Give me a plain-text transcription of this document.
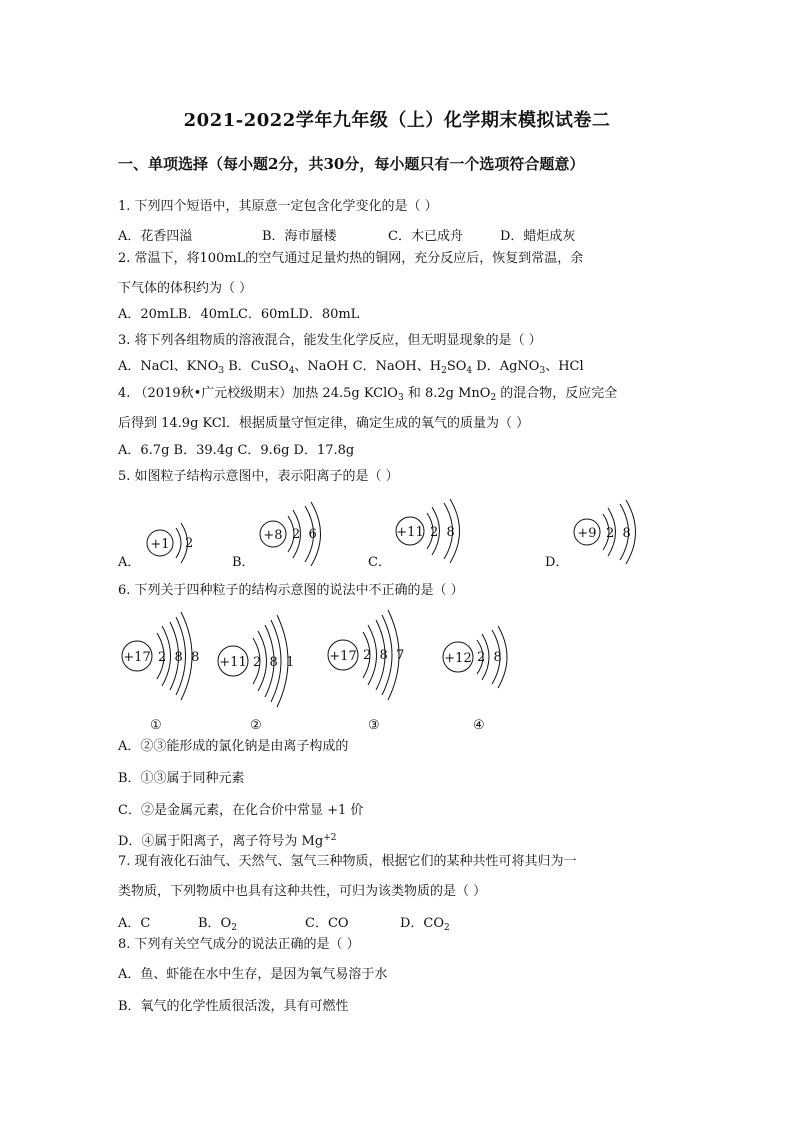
2021-2022学年九年级（上）化学期末模拟试卷二
一、单项选择（每小题2分，共30分，每小题只有一个选项符合题意）
1. 下列四个短语中，其原意一定包含化学变化的是（ ）
A．花香四溢	B．海市蜃楼	C．木已成舟	D．蜡炬成灰
2. 常温下，将100mL的空气通过足量灼热的铜网，充分反应后，恢复到常温，余
下气体的体积约为（ ）
A．20mLB．40mLC．60mLD．80mL
3. 将下列各组物质的溶液混合，能发生化学反应，但无明显现象的是（ ）
A．NaCl、$KNO_3$ B．CuSO$_4$、NaOH C．NaOH、$H_2SO_4$ D．AgNO$_3$、HCl
4. （2019秋•广元校级期末）加热 24.5g KClO$_3$ 和 8.2g MnO$_2$ 的混合物，反应完全
后得到 14.9g KCl．根据质量守恒定律，确定生成的氧气的质量为（ ）
A．6.7g B．39.4g C．9.6g D．17.8g
5. 如图粒子结构示意图中，表示阳离子的是（ ）
+1 2
A．
+8 2  6
B．
+11 2  8
C．
+9 2  8
D．
+17 2  8  8
①
+11 2  8  1
②
+17 2  8  7
③
+12 2  8
④
6. 下列关于四种粒子的结构示意图的说法中不正确的是（ ）
A．②③能形成的氯化钠是由离子构成的
B．①③属于同种元素
C．②是金属元素，在化合价中常显 +1 价
D．④属于阳离子，离子符号为 $Mg^{+2}$
7. 现有液化石油气、天然气、氢气三种物质，根据它们的某种共性可将其归为一
类物质，下列物质中也具有这种共性，可归为该类物质的是（ ）
A．C	B．$O_2$	C．CO	D．$CO_2$
8. 下列有关空气成分的说法正确的是（ ）
A．鱼、虾能在水中生存，是因为氧气易溶于水
B．氧气的化学性质很活泼，具有可燃性
